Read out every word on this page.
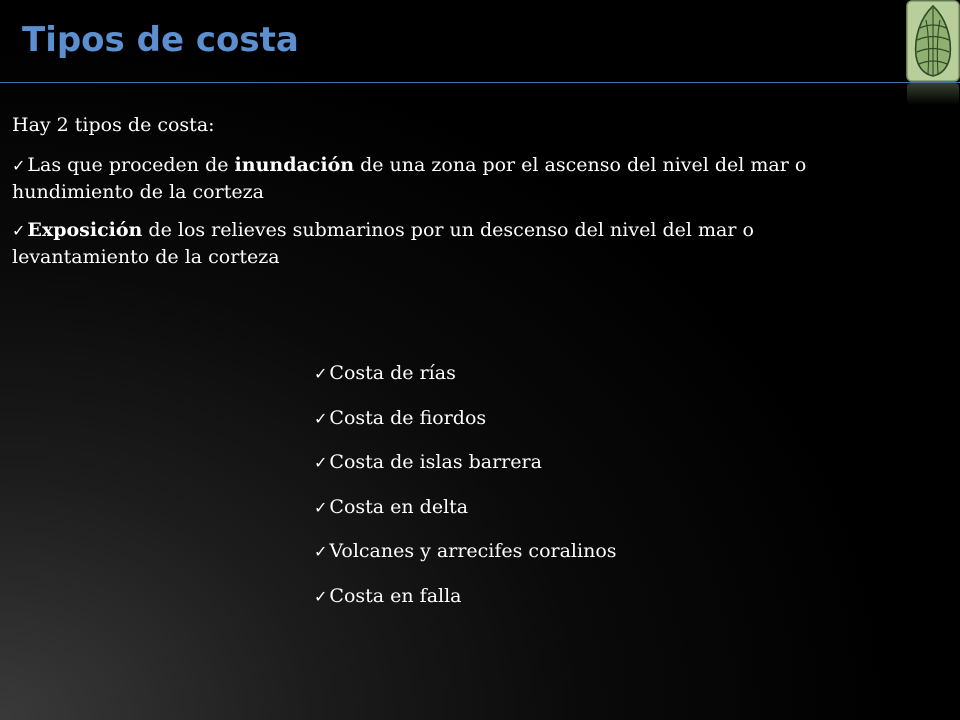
Tipos de costa

Hay 2 tipos de costa:

✓ Las que proceden de inundación de una zona por el ascenso del nivel del mar o hundimiento de la corteza

✓ Exposición de los relieves submarinos por un descenso del nivel del mar o levantamiento de la corteza

✓ Costa de rías
✓ Costa de fiordos
✓ Costa de islas barrera
✓ Costa en delta
✓ Volcanes y arrecifes coralinos
✓ Costa en falla
